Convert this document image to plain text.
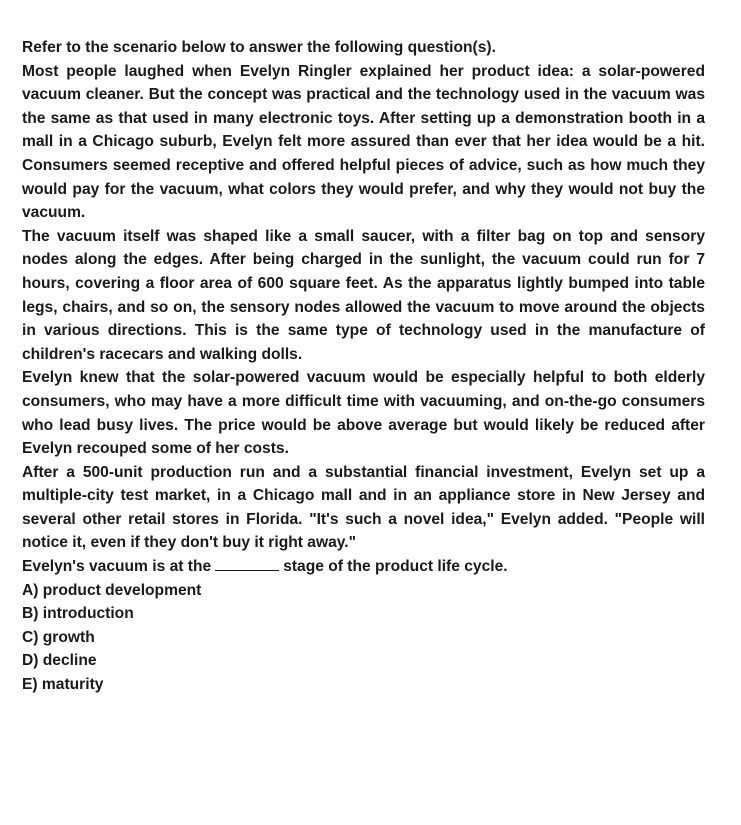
Refer to the scenario below to answer the following question(s).

Most people laughed when Evelyn Ringler explained her product idea: a solar-powered vacuum cleaner. But the concept was practical and the technology used in the vacuum was the same as that used in many electronic toys. After setting up a demonstration booth in a mall in a Chicago suburb, Evelyn felt more assured than ever that her idea would be a hit. Consumers seemed receptive and offered helpful pieces of advice, such as how much they would pay for the vacuum, what colors they would prefer, and why they would not buy the vacuum.

The vacuum itself was shaped like a small saucer, with a filter bag on top and sensory nodes along the edges. After being charged in the sunlight, the vacuum could run for 7 hours, covering a floor area of 600 square feet. As the apparatus lightly bumped into table legs, chairs, and so on, the sensory nodes allowed the vacuum to move around the objects in various directions. This is the same type of technology used in the manufacture of children's racecars and walking dolls.

Evelyn knew that the solar-powered vacuum would be especially helpful to both elderly consumers, who may have a more difficult time with vacuuming, and on-the-go consumers who lead busy lives. The price would be above average but would likely be reduced after Evelyn recouped some of her costs.

After a 500-unit production run and a substantial financial investment, Evelyn set up a multiple-city test market, in a Chicago mall and in an appliance store in New Jersey and several other retail stores in Florida. "It's such a novel idea," Evelyn added. "People will notice it, even if they don't buy it right away."

Evelyn's vacuum is at the	stage of the product life cycle.

A) product development
B) introduction
C) growth
D) decline
E) maturity
